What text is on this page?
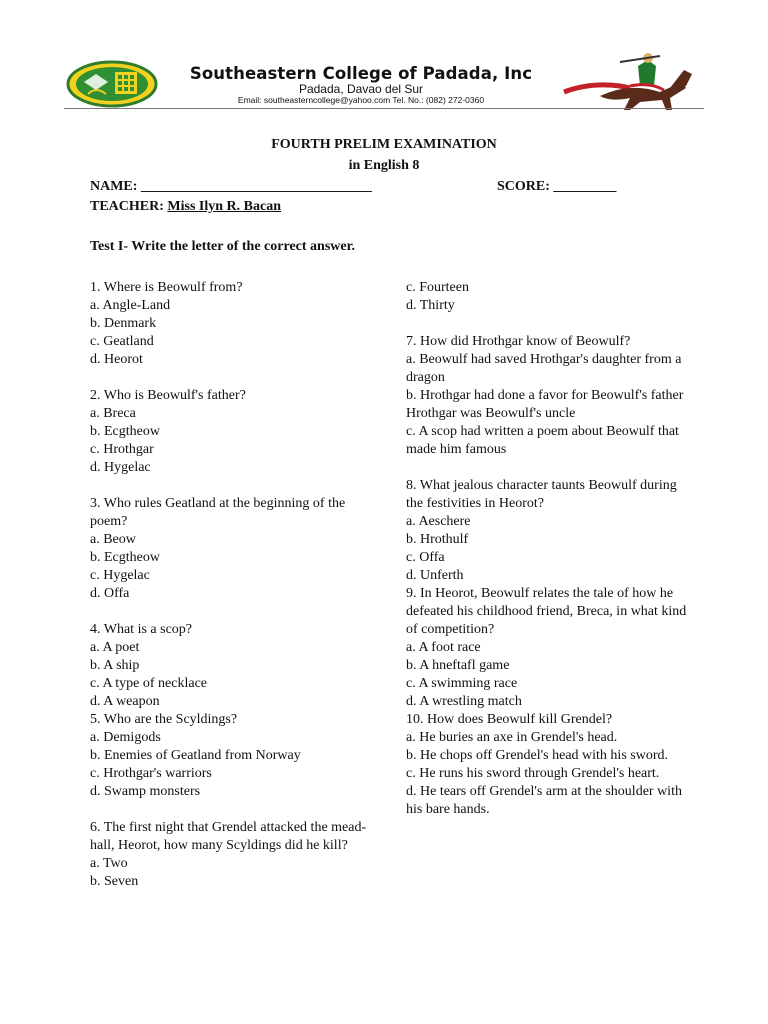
Southeastern College of Padada, Inc
Padada, Davao del Sur
Email: southeasterncollege@yahoo.com Tel. No.: (082) 272-0360
FOURTH PRELIM EXAMINATION
in English 8
NAME: _________________________________	SCORE: _________
TEACHER: Miss Ilyn R. Bacan
Test I- Write the letter of the correct answer.
1. Where is Beowulf from?
a. Angle-Land
b. Denmark
c. Geatland
d. Heorot
2. Who is Beowulf's father?
a. Breca
b. Ecgtheow
c. Hrothgar
d. Hygelac
3. Who rules Geatland at the beginning of the poem?
a. Beow
b. Ecgtheow
c. Hygelac
d. Offa
4. What is a scop?
a. A poet
b. A ship
c. A type of necklace
d. A weapon
5. Who are the Scyldings?
a. Demigods
b. Enemies of Geatland from Norway
c. Hrothgar's warriors
d. Swamp monsters
6. The first night that Grendel attacked the mead-hall, Heorot, how many Scyldings did he kill?
a. Two
b. Seven
c. Fourteen
d. Thirty
7. How did Hrothgar know of Beowulf?
a. Beowulf had saved Hrothgar's daughter from a dragon
b. Hrothgar had done a favor for Beowulf's father
Hrothgar was Beowulf's uncle
c. A scop had written a poem about Beowulf that made him famous
8. What jealous character taunts Beowulf during the festivities in Heorot?
a. Aeschere
b. Hrothulf
c. Offa
d. Unferth
9. In Heorot, Beowulf relates the tale of how he defeated his childhood friend, Breca, in what kind of competition?
a. A foot race
b. A hneftafl game
c. A swimming race
d. A wrestling match
10. How does Beowulf kill Grendel?
a. He buries an axe in Grendel's head.
b. He chops off Grendel's head with his sword.
c. He runs his sword through Grendel's heart.
d. He tears off Grendel's arm at the shoulder with his bare hands.
